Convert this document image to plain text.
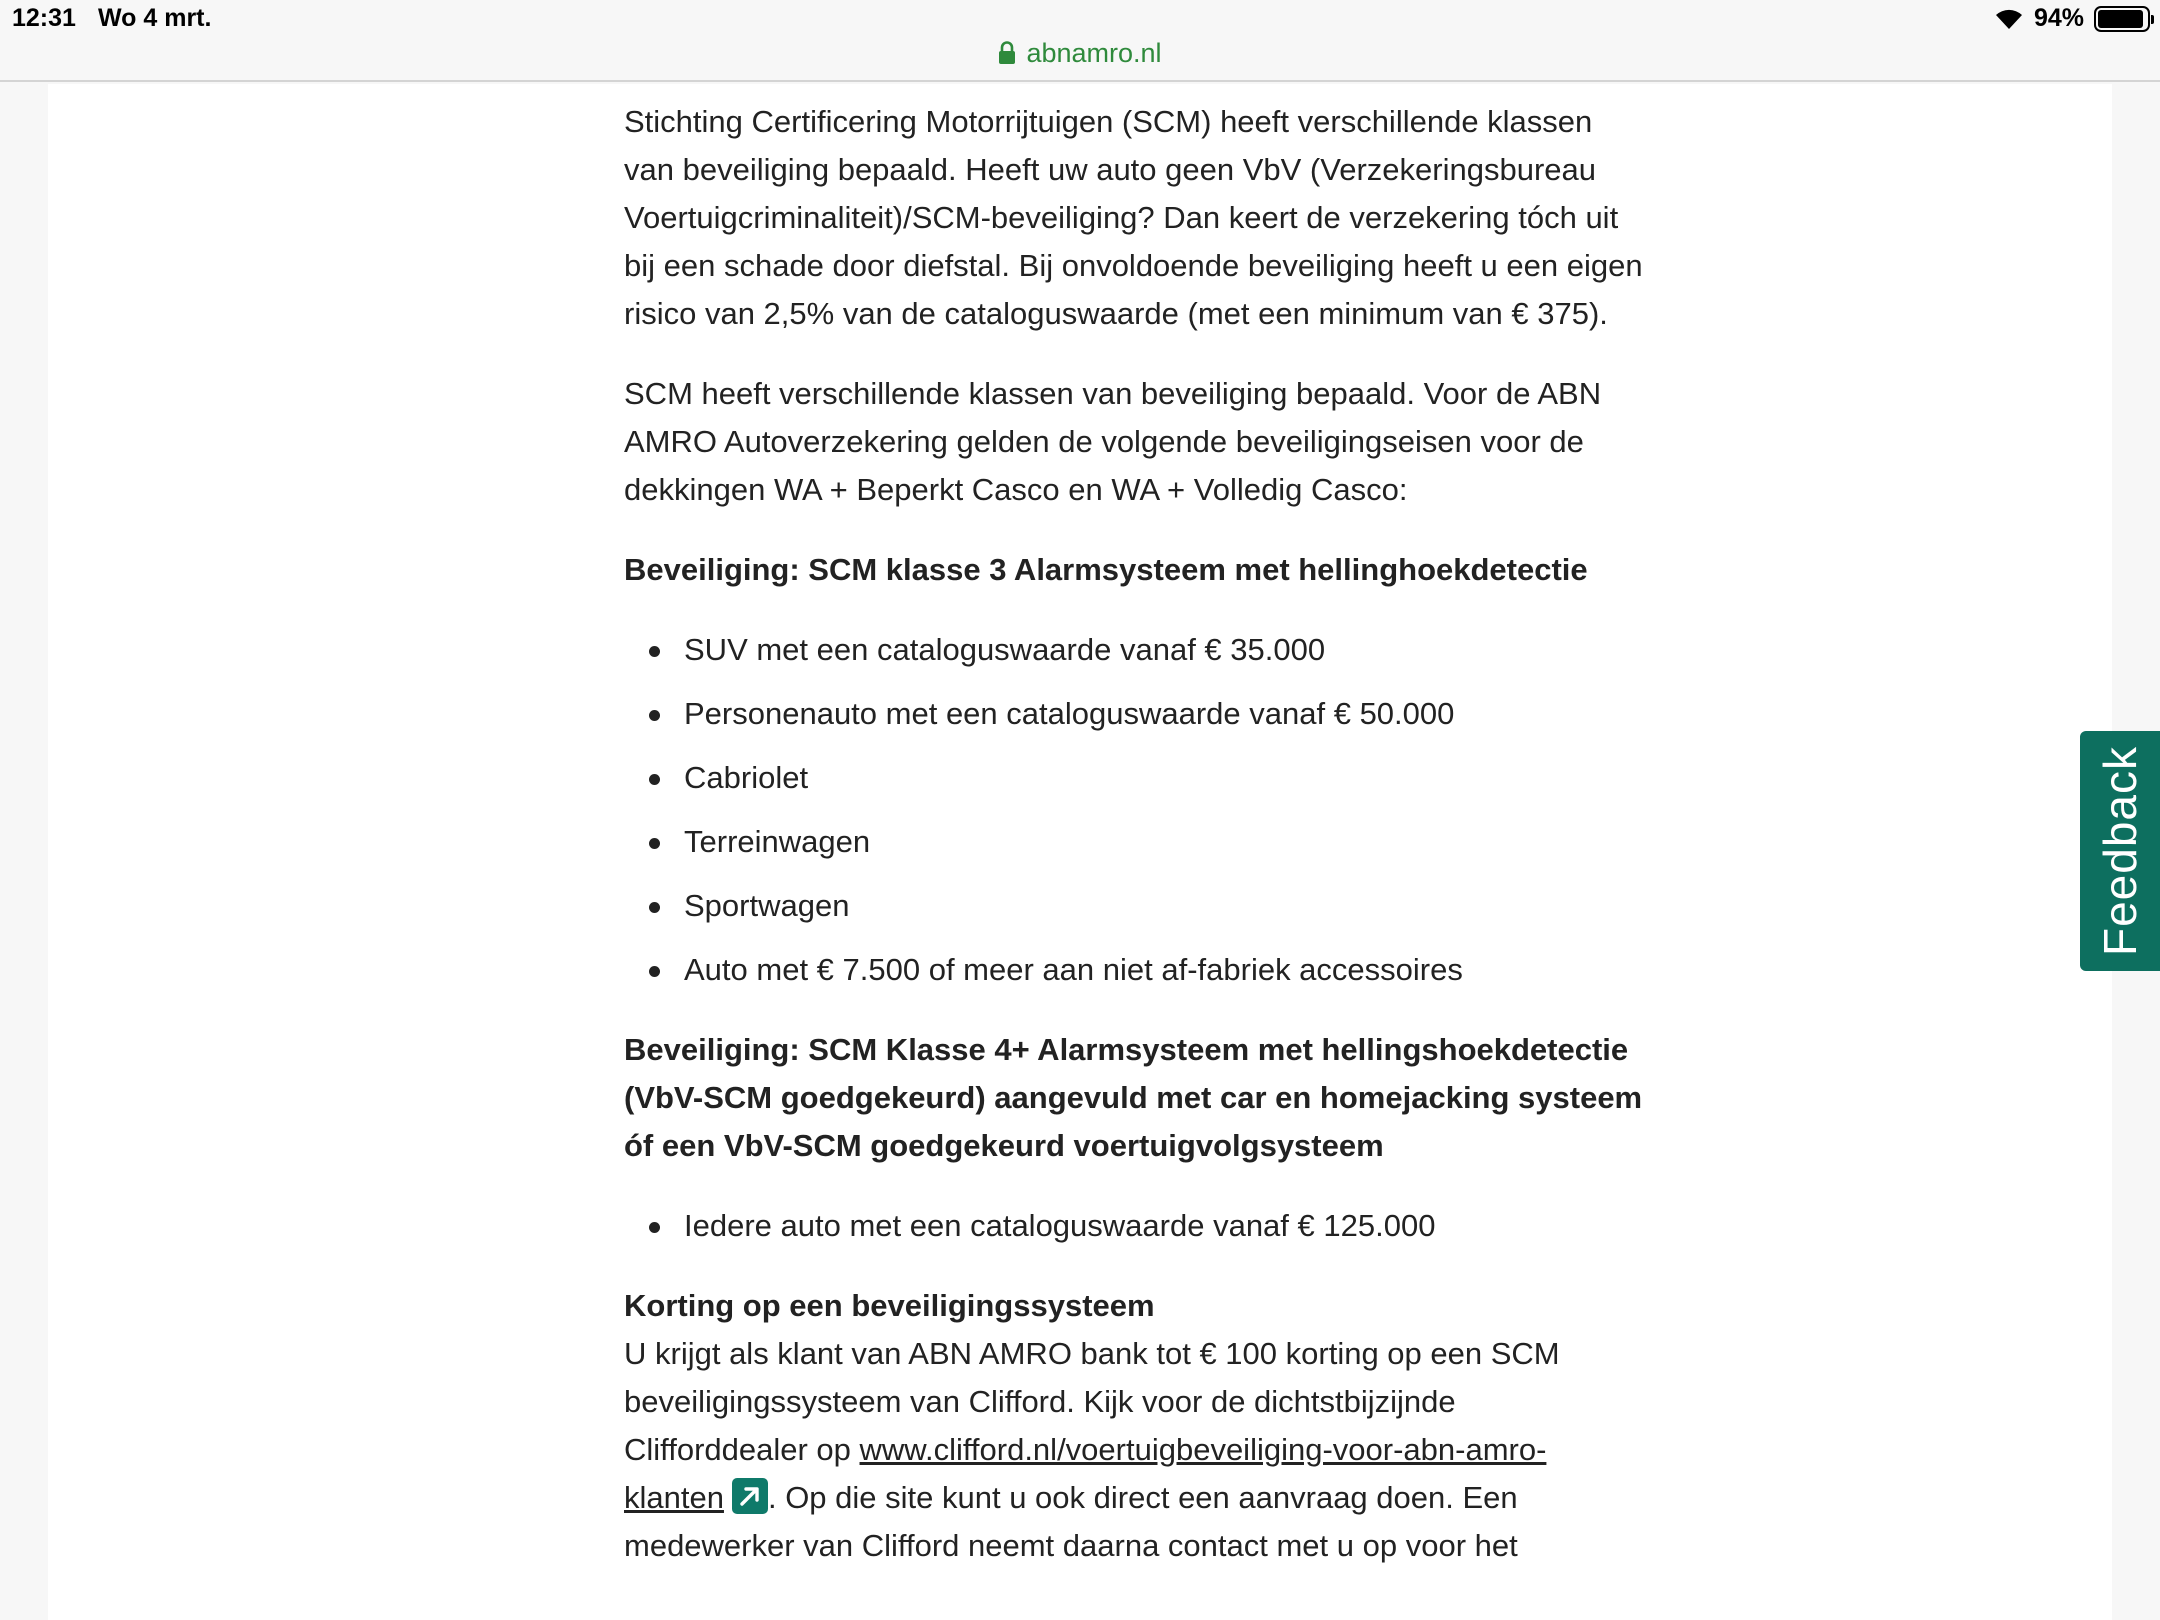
12:31 Wo 4 mrt.
abnamro.nl
94%

Stichting Certificering Motorrijtuigen (SCM) heeft verschillende klassen van beveiliging bepaald. Heeft uw auto geen VbV (Verzekeringsbureau Voertuigcriminaliteit)/SCM-beveiliging? Dan keert de verzekering tóch uit bij een schade door diefstal. Bij onvoldoende beveiliging heeft u een eigen risico van 2,5% van de cataloguswaarde (met een minimum van € 375).

SCM heeft verschillende klassen van beveiliging bepaald. Voor de ABN AMRO Autoverzekering gelden de volgende beveiligingseisen voor de dekkingen WA + Beperkt Casco en WA + Volledig Casco:

Beveiliging: SCM klasse 3 Alarmsysteem met hellinghoekdetectie
SUV met een cataloguswaarde vanaf € 35.000
Personenauto met een cataloguswaarde vanaf € 50.000
Cabriolet
Terreinwagen
Sportwagen
Auto met € 7.500 of meer aan niet af-fabriek accessoires
Beveiliging: SCM Klasse 4+ Alarmsysteem met hellingshoekdetectie (VbV-SCM goedgekeurd) aangevuld met car en homejacking systeem óf een VbV-SCM goedgekeurd voertuigvolgsysteem
Iedere auto met een cataloguswaarde vanaf € 125.000

Korting op een beveiligingssysteem
U krijgt als klant van ABN AMRO bank tot € 100 korting op een SCM beveiligingssysteem van Clifford. Kijk voor de dichtstbijzijnde Clifforddealer op www.clifford.nl/voertuigbeveiliging-voor-abn-amro-klanten . Op die site kunt u ook direct een aanvraag doen. Een medewerker van Clifford neemt daarna contact met u op voor het

Feedback
